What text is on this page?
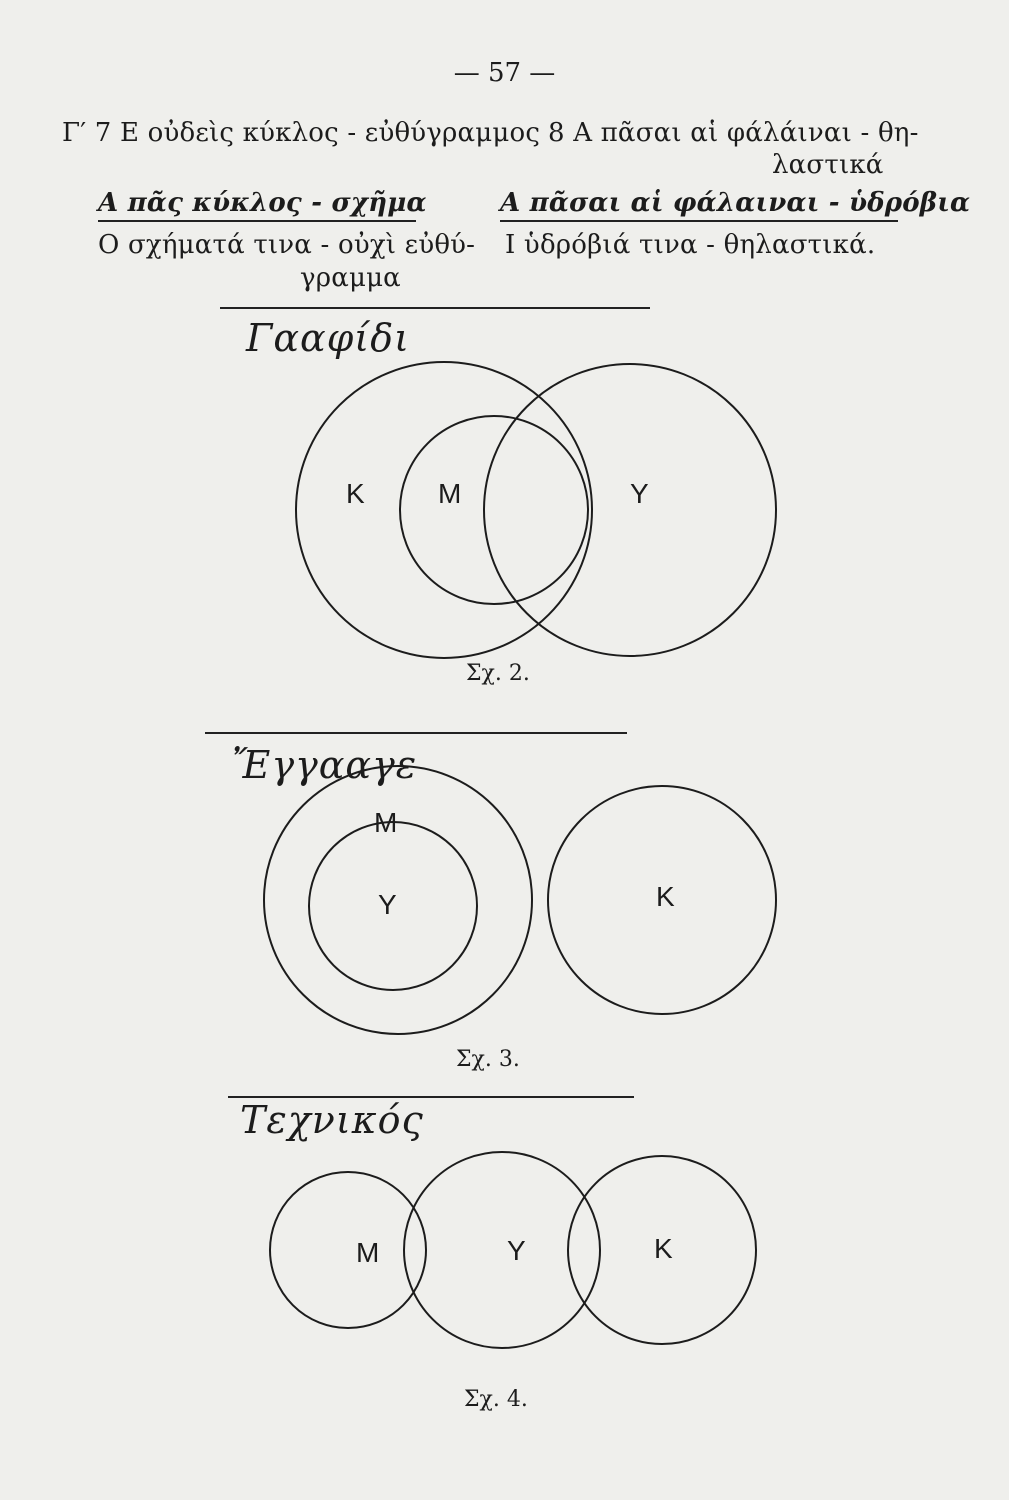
— 57 —
Γ′ 7 Ε οὐδεὶς κύκλος - εὐθύγραμμος 8 Α πᾶσαι αἱ φάλάιναι - θη-
λαστικά
Α πᾶς κύκλος - σχῆμα	Α πᾶσαι αἱ φάλαιναι - ὑδρόβια
Ο σχήματά τινα - οὐχὶ εὐθύ-
γραμμα
Ι ὑδρόβιά τινα - θηλαστικά.
Γααφίδι
Ἔγγααγε
Τεχνικός
Κ	Μ	Υ
Μ
Υ	Κ
Μ	Υ	Κ
Σχ. 2.
Σχ. 3.
Σχ. 4.
